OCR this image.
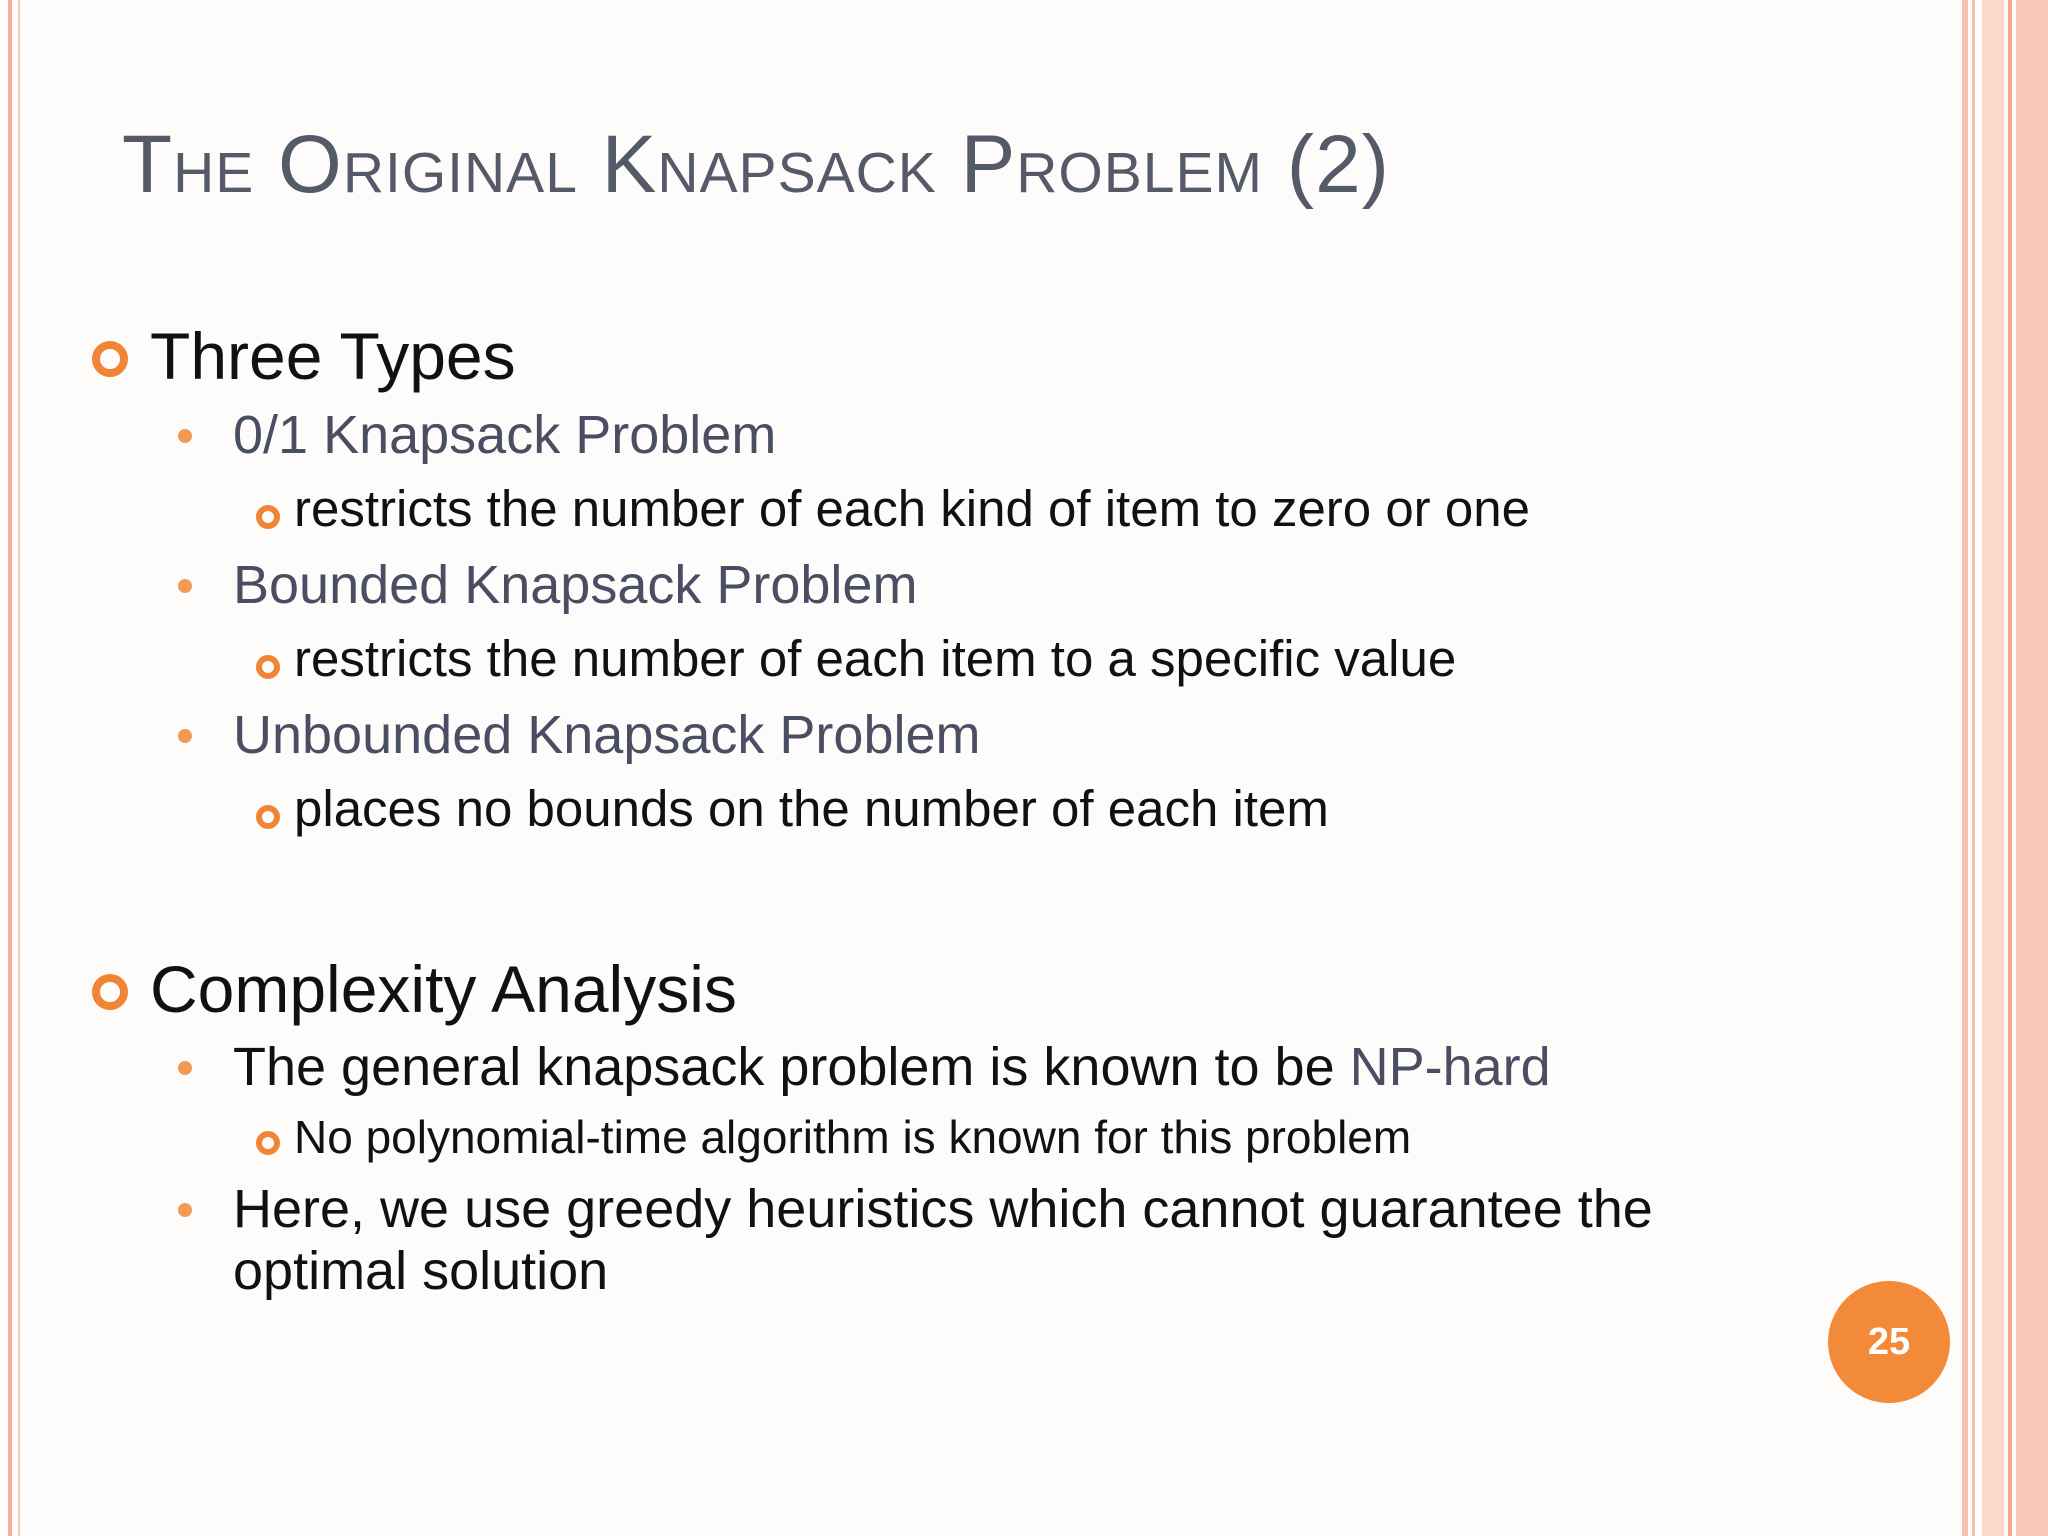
The Original Knapsack Problem (2)
Three Types
0/1 Knapsack Problem
restricts the number of each kind of item to zero or one
Bounded Knapsack Problem
restricts the number of each item to a specific value
Unbounded Knapsack Problem
places no bounds on the number of each item
Complexity Analysis
The general knapsack problem is known to be NP-hard
No polynomial-time algorithm is known for this problem
Here, we use greedy heuristics which cannot guarantee the
optimal solution
25
